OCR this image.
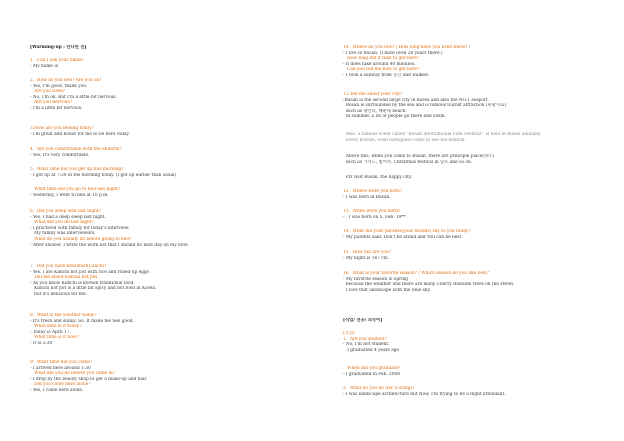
[Warming-up : 만나면 전]
1.  Can I ask your name?
- My name is
2.  How do you feel? Are you ok?
- Yes, I'm good, thank you.
Are you tired?
- No, I'm ok. But I'm a little bit nervous.
Are you nervous?
- I'm a little bit nervous.
3.How are you feeling today?
- I'm great and honor for me to be here today.
4.  Are you comfortable with the uniform?
- Yes, It's very comfortable.
5.  What time did you get up this morning?
- I got up at 7:30 in the morning today. (I got up earlier than usual)
What time did you go to bed last night?
- Yesterday, I went to bed at 10 p.m.
6.  Did you sleep well last night?
- Yes, I had a deep sleep last night.
What did you do last night?
- I practiced with family for today's interview.
My family was interviewers.
What do you usually do before going to bed?
- After shower, I write the work list that I should do next day on my note.
7.  Did you have breakfast(Lunch)?
- Yes, I ate Kimchi hot pot with rice and rolled-up eggs
Tell me about Kimchi hot pot.
- As you know Kimchi is korean traditional food.
Kimchi hot pot is a little bit spicy and hot food in Korea.
but it's delicious for me.
8.  What is the weather today?
- It's fresh and sunny. So, It made me feel good.
What date is it today?
- Today is April 17.
What time is it now?
- It is 3:30
9.  What time did you come?
- I arrived here around 1:30
What did you do before you came in?
- I drop by the beauty shop to get a make-up and hair.
Did you come here alone?
- Yes, I came here alone.
10.  Where do you live? ( How long have you lived there? )
- I live in Busan. (I have lived 26 years there.)
How long did it take to get here?
- It does take around 40 minutes.
Can you tell me how to get here?
- I took a subway from 동산 and walked.
11.Tell me about your city?
-Busan is the second large city in Korea and also the NO.1 seaport.
Busan is surrounded by the sea and is famous tourist attraction (관광지로)
such as 광안리, 해운대 beach.
In summer, a lot of people go there and swim.
Also, a famous event called "Busan international Film Festival"  is held in Busan annually.
Every korean, even foreigners come to see the festival.
Above this, when you come to Busan, there are principle place(명소)
such as 가덕도, 범어사, Christmas festival in 남포 and so on.
Plz visit Busan, the happy city.
12.  Where were you born?
- I was born in Busan.
13.  When were you born?
-   I was born on 5. Feb. 19**.
14.  What did your parents(your friends) say to you today?
- My parents said, Don't be afraid and You can be best.
15.  How tall are you?
- My hight is 167 cm.
16.  What is your favorite season? / Which season do you like best?
- My favorite season is Spring
because the weather and there are many Cherry Blossom trees on the street.
I love that landscape with the blue sky.
[직업/ 전공/ 외국어]
(직업)
1.  Are you student?
- No, I'm not student.
I graduated 4 years ago
When did you graduate?
- I graduated in Feb. 2008
2.  What do you do (for a living)?
- I was landscape architecture but Now, I'm trying to be a flight attendant.
